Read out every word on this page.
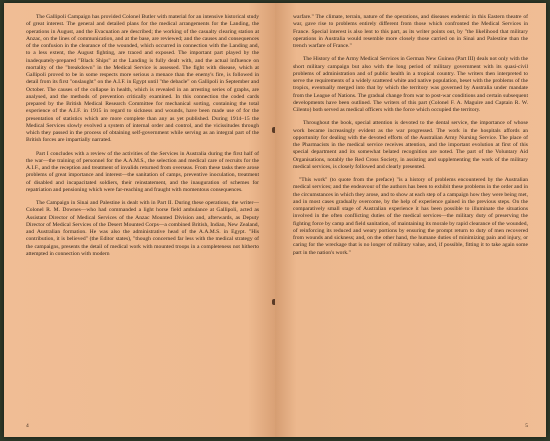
The Gallipoli Campaign has provided Colonel Butler with material for an intensive historical study of great interest. The general and detailed plans for the medical arrangements for the Landing, the operations in August, and the Evacuation are described; the working of the casualty clearing station at Anzac, on the lines of communication, and at the base, are reviewed; and the causes and consequences of the confusion in the clearance of the wounded, which occurred in connection with the Landing and, to a less extent, the August fighting, are traced and exposed. The important part played by the inadequately-prepared "Black Ships" at the Landing is fully dealt with, and the actual influence on mortality of the "breakdown" in the Medical Service is assessed. The fight with disease, which at Gallipoli proved to be in some respects more serious a menace than the enemy's fire, is followed in detail from its first "onslaught" on the A.I.F. in Egypt until "the debacle" on Gallipoli in September and October. The causes of the collapse in health, which is revealed in an arresting series of graphs, are analysed, and the methods of prevention critically examined. In this connection the coded cards prepared by the British Medical Research Committee for mechanical sorting, containing the total experience of the A.I.F. in 1915 in regard to sickness and wounds, have been made use of for the presentation of statistics which are more complete than any as yet published. During 1914–15 the Medical Services slowly evolved a system of internal order and control, and the vicissitudes through which they passed in the process of obtaining self-government while serving as an integral part of the British forces are impartially narrated.

Part I concludes with a review of the activities of the Services in Australia during the first half of the war—the training of personnel for the A.A.M.S., the selection and medical care of recruits for the A.I.F., and the reception and treatment of invalids returned from overseas. From these tasks there arose problems of great importance and interest—the sanitation of camps, preventive inoculation, treatment of disabled and incapacitated soldiers, their reinstatement, and the inauguration of schemes for repatriation and pensioning which were far-reaching and fraught with momentous consequences.

The Campaign in Sinai and Palestine is dealt with in Part II. During these operations, the writer—Colonel R. M. Downes—who had commanded a light horse field ambulance at Gallipoli, acted as Assistant Director of Medical Services of the Anzac Mounted Division and, afterwards, as Deputy Director of Medical Services of the Desert Mounted Corps—a combined British, Indian, New Zealand, and Australian formation. He was also the administrative head of the A.A.M.S. in Egypt. "His contribution, it is believed" (the Editor states), "though concerned far less with the medical strategy of the campaigns, presents the detail of medical work with mounted troops in a completeness not hitherto attempted in connection with modern

4

warfare." The climate, terrain, nature of the operations, and diseases endemic in this Eastern theatre of war, gave rise to problems entirely different from those which confronted the Medical Services in France. Special interest is also lent to this part, as its writer points out, by "the likelihood that military operations in Australia would resemble more closely those carried on in Sinai and Palestine than the trench warfare of France."

The History of the Army Medical Services in German New Guinea (Part III) deals not only with the short military campaign but also with the long period of military government with its quasi-civil problems of administration and of public health in a tropical country. The writers then interpreted to serve the requirements of a widely scattered white and native population, beset with the problems of the tropics, eventually merged into that by which the territory was governed by Australia under mandate from the League of Nations. The gradual change from war to post-war conditions and certain subsequent developments have been outlined. The writers of this part (Colonel F. A. Maguire and Captain R. W. Cilento) both served as medical officers with the force which occupied the territory.

Throughout the book, special attention is devoted to the dental service, the importance of whose work became increasingly evident as the war progressed. The work in the hospitals affords an opportunity for dealing with the devoted efforts of the Australian Army Nursing Service. The place of the Pharmacists in the medical service receives attention, and the important evolution at first of this special department and its somewhat belated recognition are noted. The part of the Voluntary Aid Organisations, notably the Red Cross Society, in assisting and supplementing the work of the military medical services, is closely followed and clearly presented.

"This work" (to quote from the preface) "is a history of problems encountered by the Australian medical services; and the endeavour of the authors has been to exhibit these problems in the order and in the circumstances in which they arose, and to show at each step of a campaign how they were being met, and in most cases gradually overcome, by the help of experience gained in the previous steps. On the comparatively small stage of Australian experience it has been possible to illuminate the situations involved in the often conflicting duties of the medical services—the military duty of preserving the fighting force by camp and field sanitation, of maintaining its morale by rapid clearance of the wounded, of reinforcing its reduced and weary portions by ensuring the prompt return to duty of men recovered from wounds and sickness; and, on the other hand, the humane duties of minimizing pain and injury, or caring for the wreckage that is no longer of military value, and, if possible, fitting it to take again some part in the nation's work."

5
